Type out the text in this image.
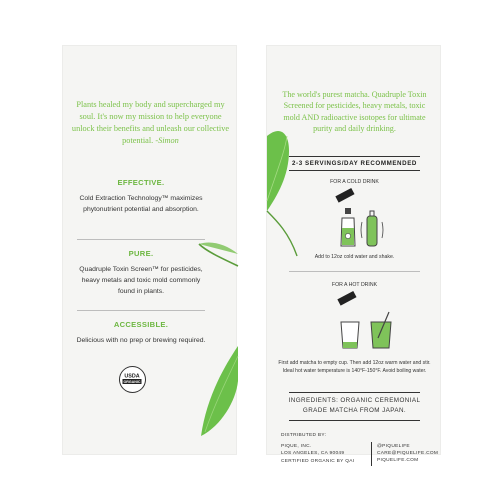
Plants healed my body and supercharged my soul. It's now my mission to help everyone unlock their benefits and unleash our collective potential. -Simon
EFFECTIVE.
Cold Extraction Technology™ maximizes phytonutrient potential and absorption.
PURE.
Quadruple Toxin Screen™ for pesticides, heavy metals and toxic mold commonly found in plants.
ACCESSIBLE.
Delicious with no prep or brewing required.
USDA
ORGANIC
The world's purest matcha. Quadruple Toxin Screened for pesticides, heavy metals, toxic mold AND radioactive isotopes for ultimate purity and daily drinking.
2-3 SERVINGS/DAY RECOMMENDED
FOR A COLD DRINK
Add to 12oz cold water and shake.
FOR A HOT DRINK
First add matcha to empty cup. Then add 12oz warm water and stir. Ideal hot water temperature is 140°F-150°F. Avoid boiling water.
INGREDIENTS: ORGANIC CEREMONIAL GRADE MATCHA FROM JAPAN.
DISTRIBUTED BY:
PIQUE, INC.
LOS ANGELES, CA 90049
CERTIFIED ORGANIC BY QAI
@PIQUELIFE
CARE@PIQUELIFE.COM
PIQUELIFE.COM
